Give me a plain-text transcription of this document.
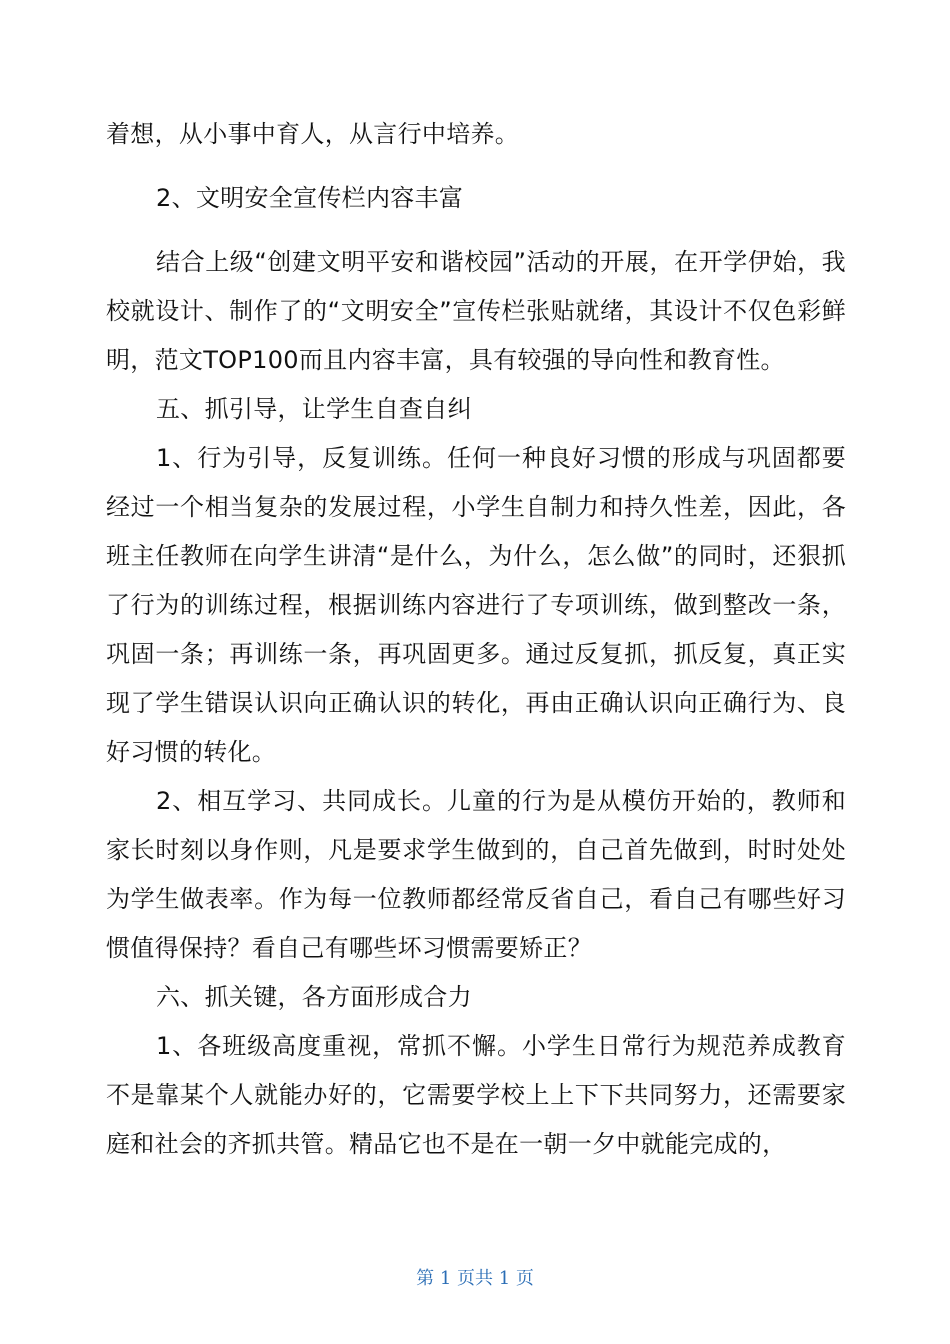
着想，从小事中育人，从言行中培养。

2、文明安全宣传栏内容丰富

结合上级“创建文明平安和谐校园”活动的开展，在开学伊始，我校就设计、制作了的“文明安全”宣传栏张贴就绪，其设计不仅色彩鲜明，范文TOP100而且内容丰富，具有较强的导向性和教育性。

五、抓引导，让学生自查自纠

1、行为引导，反复训练。任何一种良好习惯的形成与巩固都要经过一个相当复杂的发展过程，小学生自制力和持久性差，因此，各班主任教师在向学生讲清“是什么，为什么，怎么做”的同时，还狠抓了行为的训练过程，根据训练内容进行了专项训练，做到整改一条，巩固一条；再训练一条，再巩固更多。通过反复抓，抓反复，真正实现了学生错误认识向正确认识的转化，再由正确认识向正确行为、良好习惯的转化。

2、相互学习、共同成长。儿童的行为是从模仿开始的，教师和家长时刻以身作则，凡是要求学生做到的，自己首先做到，时时处处为学生做表率。作为每一位教师都经常反省自己，看自己有哪些好习惯值得保持？看自己有哪些坏习惯需要矫正？

六、抓关键，各方面形成合力

1、各班级高度重视，常抓不懈。小学生日常行为规范养成教育不是靠某个人就能办好的，它需要学校上上下下共同努力，还需要家庭和社会的齐抓共管。精品它也不是在一朝一夕中就能完成的，

第 1 页共 1 页
